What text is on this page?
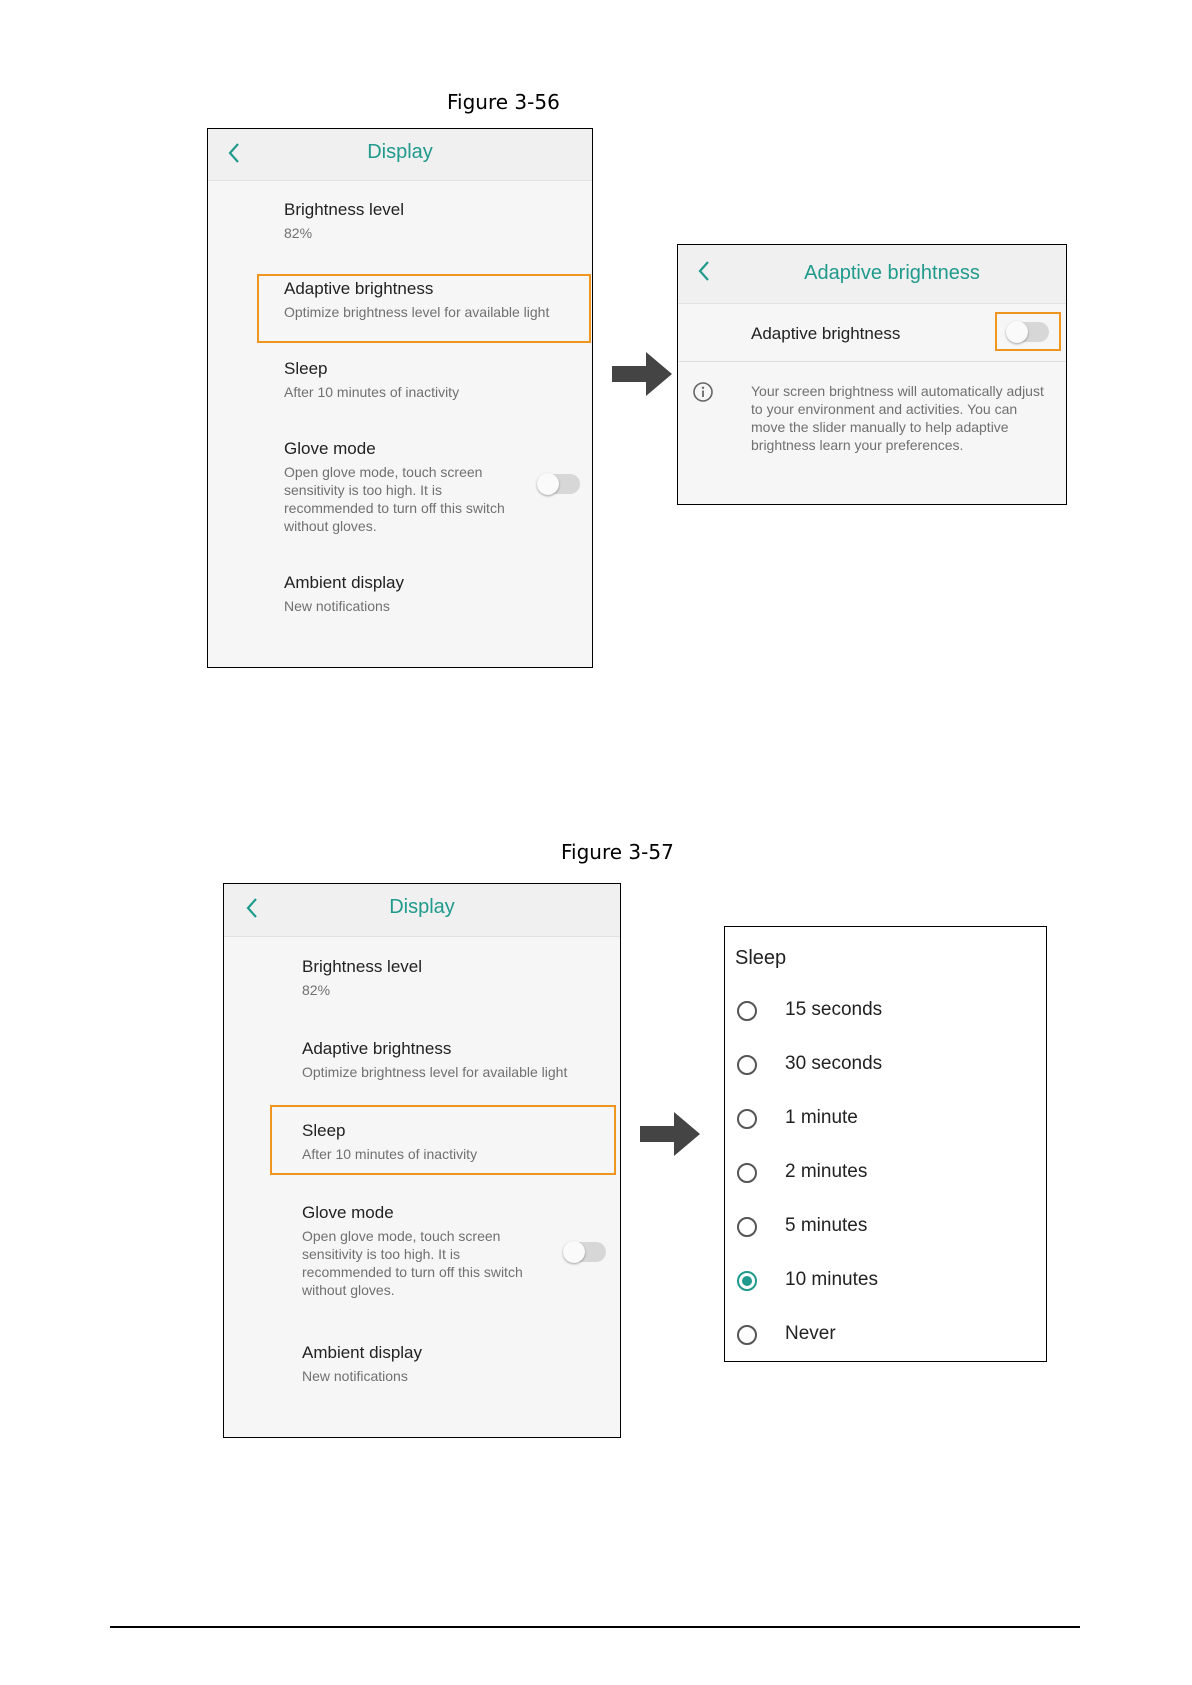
Figure 3-56
Display
Brightness level
82%
Adaptive brightness
Optimize brightness level for available light
Sleep
After 10 minutes of inactivity
Glove mode
Open glove mode, touch screen sensitivity is too high. It is recommended to turn off this switch without gloves.
Ambient display
New notifications
Adaptive brightness
Adaptive brightness
Your screen brightness will automatically adjust to your environment and activities. You can move the slider manually to help adaptive brightness learn your preferences.
Figure 3-57
Display
Brightness level
82%
Adaptive brightness
Optimize brightness level for available light
Sleep
After 10 minutes of inactivity
Glove mode
Open glove mode, touch screen sensitivity is too high. It is recommended to turn off this switch without gloves.
Ambient display
New notifications
Sleep
15 seconds
30 seconds
1 minute
2 minutes
5 minutes
10 minutes
Never
